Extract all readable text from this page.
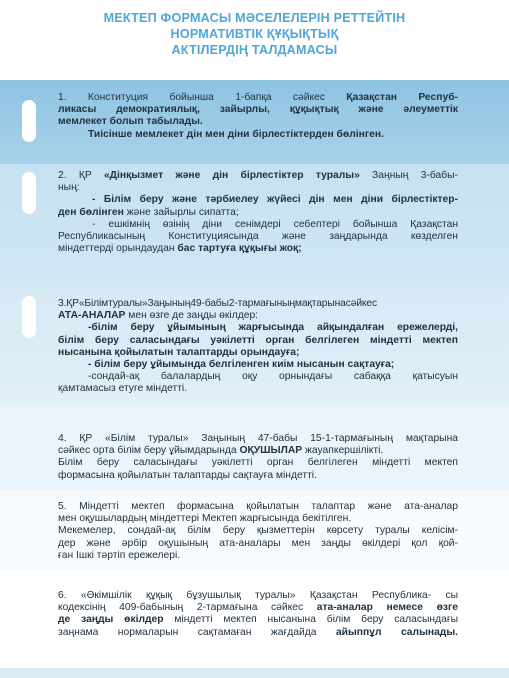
МЕКТЕП ФОРМАСЫ МӘСЕЛЕЛЕРІН РЕТТЕЙТІН
НОРМАТИВТІК ҚҰҚЫҚТЫҚ
АКТІЛЕРДІҢ ТАЛДАМАСЫ
1. Конституция бойынша 1-бапқа сәйкес Қазақстан Респуб-
ликасы демократиялық, зайырлы, құқықтық және әлеуметтік
мемлекет болып табылады.
Тиісінше мемлекет дін мен діни бірлестіктерден бөлінген.
2. ҚР «Дінқызмет және дін бірлестіктер туралы» Заңның 3-бабы-
ның:
- Білім беру және тәрбиелеу жүйесі дін мен діни бірлестіктер-
ден бөлінген және зайырлы сипатта;
- ешкімнің өзінің діни сенімдері себептері бойынша Қазақстан
Республикасының Конституциясында және заңдарында көзделген
міндеттерді орындаудан бас тартуға құқығы жоқ;
3.ҚР«Білімтуралы»Заңының49-бабы2-тармағыныңмақтарынасәйкес
АТА-АНАЛАР мен өзге де заңды өкілдер:
-білім беру ұйымының жарғысында айқындалған ережелерді,
білім беру саласындағы уәкілетті орган белгілеген міндетті мектеп
нысанына қойылатын талаптарды орындауға;
- білім беру ұйымында белгіленген киім нысанын сақтауға;
-сондай-ақ балалардың оқу орнындағы сабаққа қатысуын
қамтамасыз етуге міндетті.
4. ҚР «Білім туралы» Заңының 47-бабы 15-1-тармағының мақтарына
сәйкес орта білім беру ұйымдарында ОҚУШЫЛАР жауапкершілікті.
Білім беру саласындағы уәкілетті орган белгілеген міндетті мектеп
формасына қойылатын талаптарды сақтауға міндетті.
5. Міндетті мектеп формасына қойылатын талаптар және ата-аналар
мен оқушылардың міндеттері Мектеп жарғысында бекітілген.
Мекемелер, сондай-ақ білім беру қызметтерін көрсету туралы келісім-
дер және әрбір оқушының ата-аналары мен заңды өкілдері қол қой-
ған Ішкі тәртіп ережелері.
6. «Әкімшілік құқық бұзушылық туралы» Қазақстан Республика- сы
кодексінің 409-бабының 2-тармағына сәйкес ата-аналар немесе өзге
де заңды өкілдер міндетті мектеп нысанына білім беру саласындағы
заңнама нормаларын сақтамаған жағдайда айыппұл салынады.
